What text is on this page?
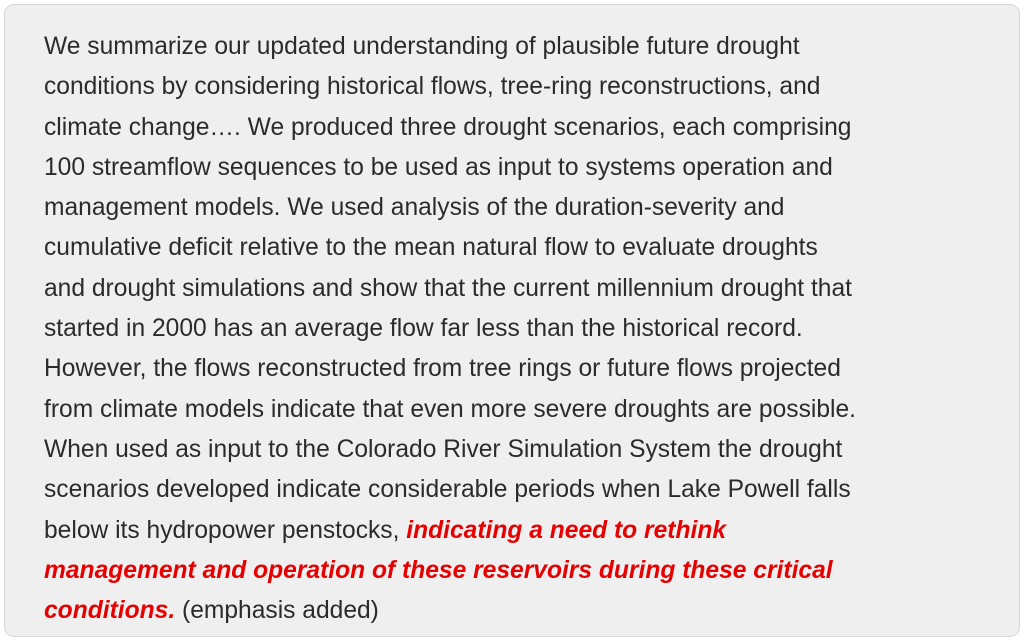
We summarize our updated understanding of plausible future drought
conditions by considering historical flows, tree-ring reconstructions, and
climate change…. We produced three drought scenarios, each comprising
100 streamflow sequences to be used as input to systems operation and
management models. We used analysis of the duration-severity and
cumulative deficit relative to the mean natural flow to evaluate droughts
and drought simulations and show that the current millennium drought that
started in 2000 has an average flow far less than the historical record.
However, the flows reconstructed from tree rings or future flows projected
from climate models indicate that even more severe droughts are possible.
When used as input to the Colorado River Simulation System the drought
scenarios developed indicate considerable periods when Lake Powell falls
below its hydropower penstocks, indicating a need to rethink
management and operation of these reservoirs during these critical
conditions. (emphasis added)
